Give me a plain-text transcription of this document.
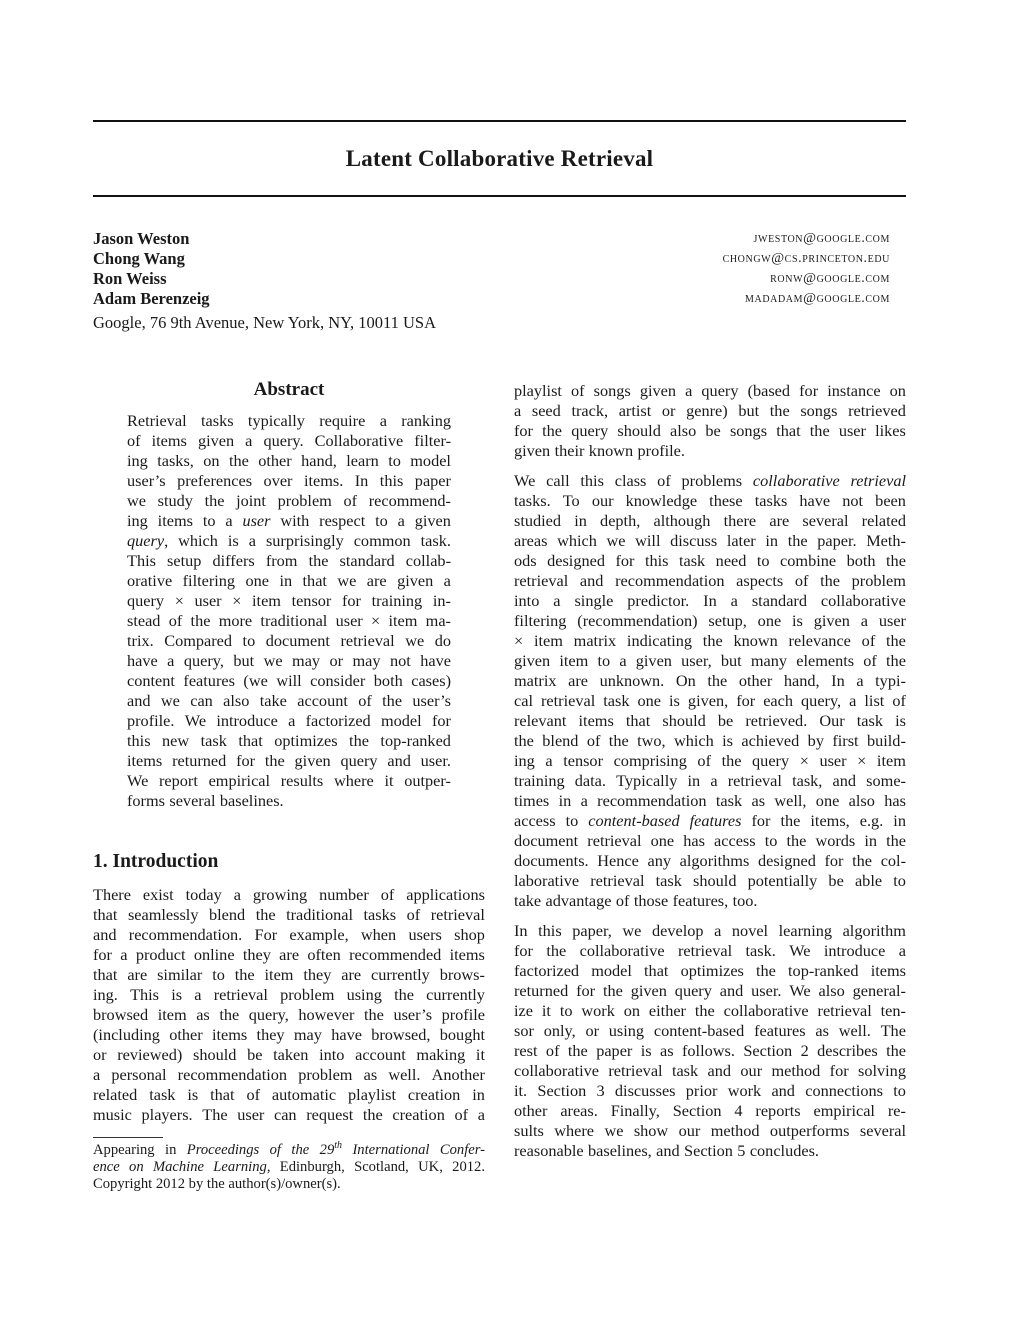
Latent Collaborative Retrieval
Jason Weston	jweston@google.com
Chong Wang	chongw@cs.princeton.edu
Ron Weiss	ronw@google.com
Adam Berenzeig	madadam@google.com
Google, 76 9th Avenue, New York, NY, 10011 USA
Abstract
Retrieval tasks typically require a ranking
of items given a query. Collaborative filter-
ing tasks, on the other hand, learn to model
user’s preferences over items. In this paper
we study the joint problem of recommend-
ing items to a user with respect to a given
query, which is a surprisingly common task.
This setup differs from the standard collab-
orative filtering one in that we are given a
query × user × item tensor for training in-
stead of the more traditional user × item ma-
trix. Compared to document retrieval we do
have a query, but we may or may not have
content features (we will consider both cases)
and we can also take account of the user’s
profile. We introduce a factorized model for
this new task that optimizes the top-ranked
items returned for the given query and user.
We report empirical results where it outper-
forms several baselines.
1. Introduction
There exist today a growing number of applications
that seamlessly blend the traditional tasks of retrieval
and recommendation. For example, when users shop
for a product online they are often recommended items
that are similar to the item they are currently brows-
ing. This is a retrieval problem using the currently
browsed item as the query, however the user’s profile
(including other items they may have browsed, bought
or reviewed) should be taken into account making it
a personal recommendation problem as well. Another
related task is that of automatic playlist creation in
music players. The user can request the creation of a
Appearing in Proceedings of the 29th International Confer-
ence on Machine Learning, Edinburgh, Scotland, UK, 2012.
Copyright 2012 by the author(s)/owner(s).
playlist of songs given a query (based for instance on
a seed track, artist or genre) but the songs retrieved
for the query should also be songs that the user likes
given their known profile.
We call this class of problems collaborative retrieval
tasks. To our knowledge these tasks have not been
studied in depth, although there are several related
areas which we will discuss later in the paper. Meth-
ods designed for this task need to combine both the
retrieval and recommendation aspects of the problem
into a single predictor. In a standard collaborative
filtering (recommendation) setup, one is given a user
× item matrix indicating the known relevance of the
given item to a given user, but many elements of the
matrix are unknown. On the other hand, In a typi-
cal retrieval task one is given, for each query, a list of
relevant items that should be retrieved. Our task is
the blend of the two, which is achieved by first build-
ing a tensor comprising of the query × user × item
training data. Typically in a retrieval task, and some-
times in a recommendation task as well, one also has
access to content-based features for the items, e.g. in
document retrieval one has access to the words in the
documents. Hence any algorithms designed for the col-
laborative retrieval task should potentially be able to
take advantage of those features, too.
In this paper, we develop a novel learning algorithm
for the collaborative retrieval task. We introduce a
factorized model that optimizes the top-ranked items
returned for the given query and user. We also general-
ize it to work on either the collaborative retrieval ten-
sor only, or using content-based features as well. The
rest of the paper is as follows. Section 2 describes the
collaborative retrieval task and our method for solving
it. Section 3 discusses prior work and connections to
other areas. Finally, Section 4 reports empirical re-
sults where we show our method outperforms several
reasonable baselines, and Section 5 concludes.
